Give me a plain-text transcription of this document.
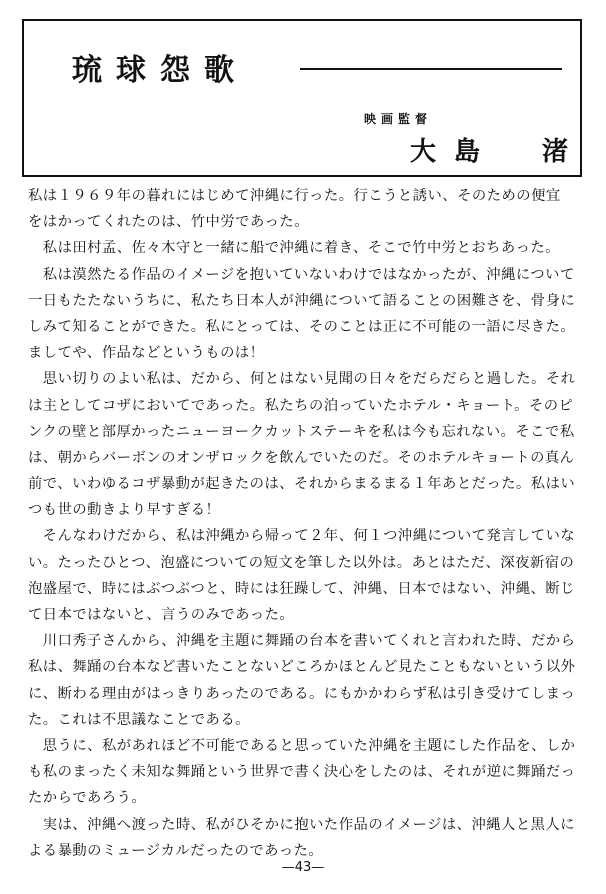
琉球怨歌
映画監督
大島　渚
私は１９６９年の暮れにはじめて沖縄に行った。行こうと誘い、そのための便宜
をはかってくれたのは、竹中労であった。
　私は田村孟、佐々木守と一緒に船で沖縄に着き、そこで竹中労とおちあった。
　私は漠然たる作品のイメージを抱いていないわけではなかったが、沖縄について
一日もたたないうちに、私たち日本人が沖縄について語ることの困難さを、骨身に
しみて知ることができた。私にとっては、そのことは正に不可能の一語に尽きた。
ましてや、作品などというものは！
　思い切りのよい私は、だから、何とはない見聞の日々をだらだらと過した。それ
は主としてコザにおいてであった。私たちの泊っていたホテル・キョート。そのピ
ンクの壁と部厚かったニューヨークカットステーキを私は今も忘れない。そこで私
は、朝からバーボンのオンザロックを飲んでいたのだ。そのホテルキョートの真ん
前で、いわゆるコザ暴動が起きたのは、それからまるまる１年あとだった。私はい
つも世の動きより早すぎる！
　そんなわけだから、私は沖縄から帰って２年、何１つ沖縄について発言していな
い。たったひとつ、泡盛についての短文を筆した以外は。あとはただ、深夜新宿の
泡盛屋で、時にはぶつぶつと、時には狂躁して、沖縄、日本ではない、沖縄、断じ
て日本ではないと、言うのみであった。
　川口秀子さんから、沖縄を主題に舞踊の台本を書いてくれと言われた時、だから
私は、舞踊の台本など書いたことないどころかほとんど見たこともないという以外
に、断わる理由がはっきりあったのである。にもかかわらず私は引き受けてしまっ
た。これは不思議なことである。
　思うに、私があれほど不可能であると思っていた沖縄を主題にした作品を、しか
も私のまったく未知な舞踊という世界で書く決心をしたのは、それが逆に舞踊だっ
たからであろう。
　実は、沖縄へ渡った時、私がひそかに抱いた作品のイメージは、沖縄人と黒人に
よる暴動のミュージカルだったのであった。
—43—
